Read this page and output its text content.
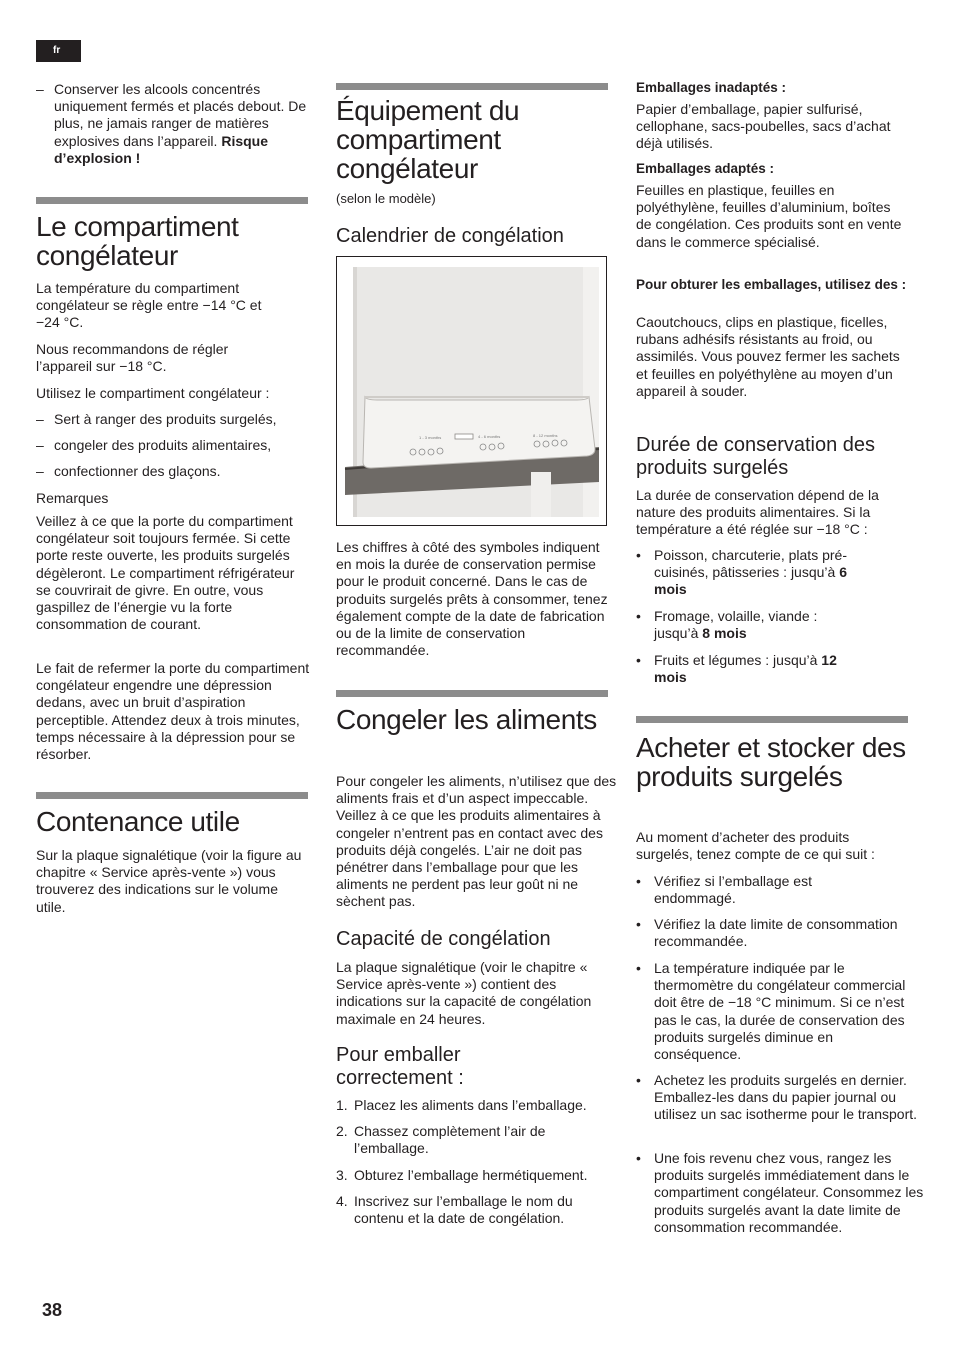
fr

– Conserver les alcools concentrés uniquement fermés et placés debout. De plus, ne jamais ranger de matières explosives dans l’appareil. Risque d’explosion !

Le compartiment congélateur

La température du compartiment congélateur se règle entre −14 °C et −24 °C.

Nous recommandons de régler l’appareil sur −18 °C.

Utilisez le compartiment congélateur :

– Sert à ranger des produits surgelés,

– congeler des produits alimentaires,

– confectionner des glaçons.

Remarques

Veillez à ce que la porte du compartiment congélateur soit toujours fermée. Si cette porte reste ouverte, les produits surgelés dégèleront. Le compartiment réfrigérateur se couvrirait de givre. En outre, vous gaspillez de l’énergie vu la forte consommation de courant.

Le fait de refermer la porte du compartiment congélateur engendre une dépression dedans, avec un bruit d’aspiration perceptible. Attendez deux à trois minutes, temps nécessaire à la dépression pour se résorber.

Contenance utile

Sur la plaque signalétique (voir la figure au chapitre « Service après-vente ») vous trouverez des indications sur le volume utile.

Équipement du compartiment congélateur

(selon le modèle)

Calendrier de congélation
1 - 3 months	4 - 6 months	8 - 12 months

Les chiffres à côté des symboles indiquent en mois la durée de conservation permise pour le produit concerné. Dans le cas de produits surgelés prêts à consommer, tenez également compte de la date de fabrication ou de la limite de conservation recommandée.

Congeler les aliments

Pour congeler les aliments, n’utilisez que des aliments frais et d’un aspect impeccable. Veillez à ce que les produits alimentaires à congeler n’entrent pas en contact avec des produits déjà congelés. L’air ne doit pas pénétrer dans l’emballage pour que les aliments ne perdent pas leur goût ni ne sèchent pas.

Capacité de congélation

La plaque signalétique (voir le chapitre « Service après-vente ») contient des indications sur la capacité de congélation maximale en 24 heures.

Pour emballer correctement :

1. Placez les aliments dans l’emballage.

2. Chassez complètement l’air de l’emballage.

3. Obturez l’emballage hermétiquement.

4. Inscrivez sur l’emballage le nom du contenu et la date de congélation.

Emballages inadaptés :

Papier d’emballage, papier sulfurisé, cellophane, sacs-poubelles, sacs d’achat déjà utilisés.

Emballages adaptés :

Feuilles en plastique, feuilles en polyéthylène, feuilles d’aluminium, boîtes de congélation. Ces produits sont en vente dans le commerce spécialisé.

Pour obturer les emballages, utilisez des :

Caoutchoucs, clips en plastique, ficelles, rubans adhésifs résistants au froid, ou assimilés. Vous pouvez fermer les sachets et feuilles en polyéthylène au moyen d’un appareil à souder.

Durée de conservation des produits surgelés

La durée de conservation dépend de la nature des produits alimentaires. Si la température a été réglée sur −18 °C :

• Poisson, charcuterie, plats pré-cuisinés, pâtisseries : jusqu’à 6 mois

• Fromage, volaille, viande : jusqu’à 8 mois

• Fruits et légumes : jusqu’à 12 mois

Acheter et stocker des produits surgelés

Au moment d’acheter des produits surgelés, tenez compte de ce qui suit :

• Vérifiez si l’emballage est endommagé.

• Vérifiez la date limite de consommation recommandée.

• La température indiquée par le thermomètre du congélateur commercial doit être de −18 °C minimum. Si ce n’est pas le cas, la durée de conservation des produits surgelés diminue en conséquence.

• Achetez les produits surgelés en dernier. Emballez-les dans du papier journal ou utilisez un sac isotherme pour le transport.

• Une fois revenu chez vous, rangez les produits surgelés immédiatement dans le compartiment congélateur. Consommez les produits surgelés avant la date limite de consommation recommandée.

38
